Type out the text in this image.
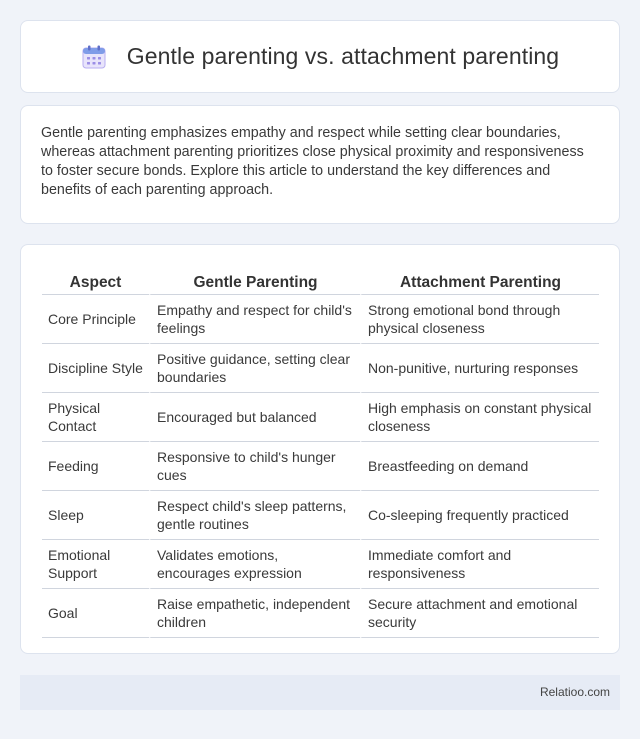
Gentle parenting vs. attachment parenting

Gentle parenting emphasizes empathy and respect while setting clear boundaries, whereas attachment parenting prioritizes close physical proximity and responsiveness to foster secure bonds. Explore this article to understand the key differences and benefits of each parenting approach.

Aspect	Gentle Parenting	Attachment Parenting
Core Principle	Empathy and respect for child's feelings	Strong emotional bond through physical closeness
Discipline Style	Positive guidance, setting clear boundaries	Non-punitive, nurturing responses
Physical Contact	Encouraged but balanced	High emphasis on constant physical closeness
Feeding	Responsive to child's hunger cues	Breastfeeding on demand
Sleep	Respect child's sleep patterns, gentle routines	Co-sleeping frequently practiced
Emotional Support	Validates emotions, encourages expression	Immediate comfort and responsiveness
Goal	Raise empathetic, independent children	Secure attachment and emotional security
Relatioo.com
